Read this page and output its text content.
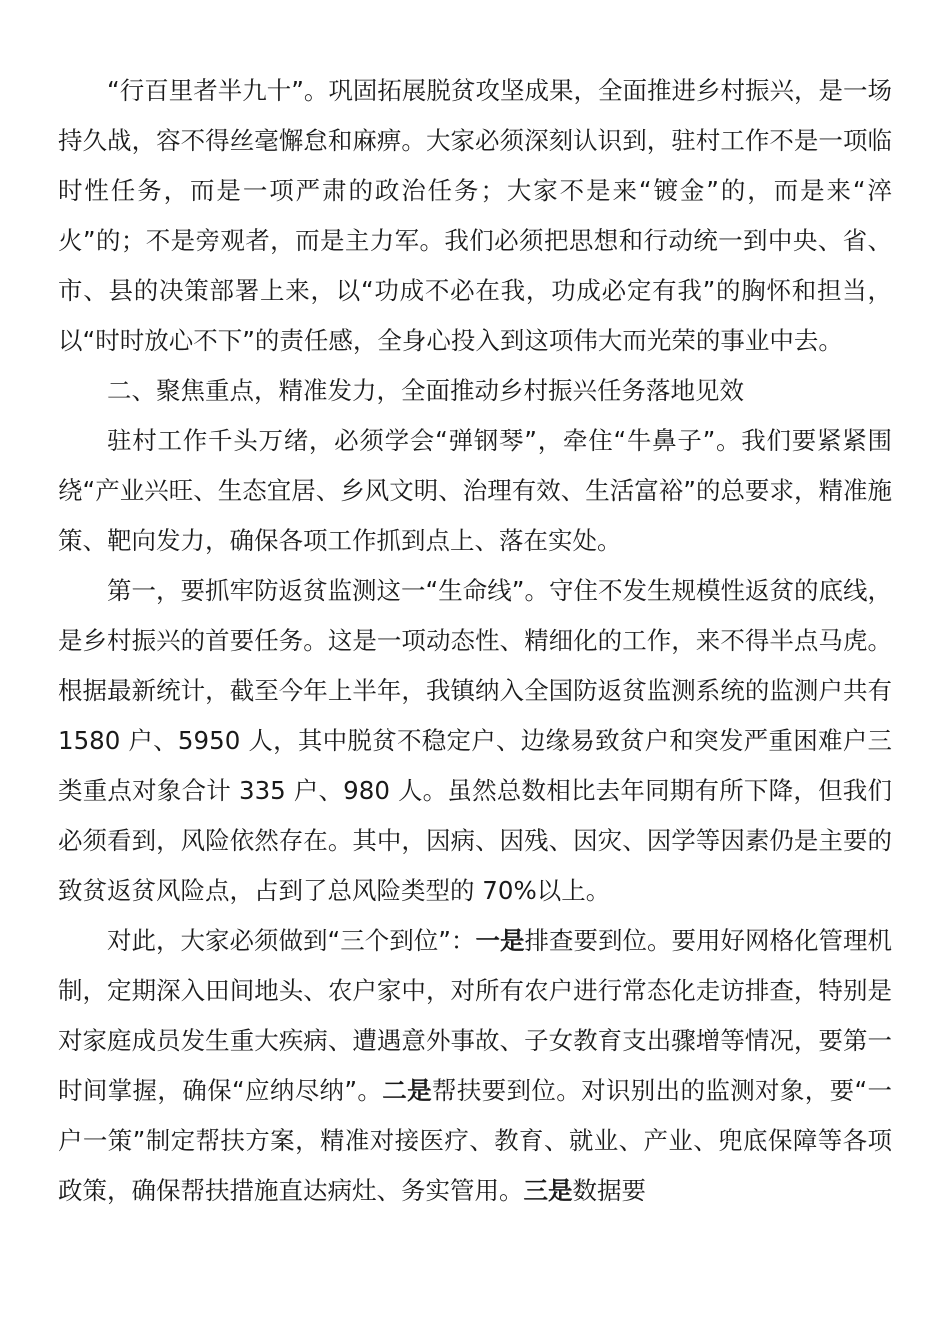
“行百里者半九十”。巩固拓展脱贫攻坚成果，全面推进乡村振兴，是一场持久战，容不得丝毫懈怠和麻痹。大家必须深刻认识到，驻村工作不是一项临时性任务，而是一项严肃的政治任务；大家不是来“镀金”的，而是来“淬火”的；不是旁观者，而是主力军。我们必须把思想和行动统一到中央、省、市、县的决策部署上来，以“功成不必在我，功成必定有我”的胸怀和担当，以“时时放心不下”的责任感，全身心投入到这项伟大而光荣的事业中去。

二、聚焦重点，精准发力，全面推动乡村振兴任务落地见效

驻村工作千头万绪，必须学会“弹钢琴”，牵住“牛鼻子”。我们要紧紧围绕“产业兴旺、生态宜居、乡风文明、治理有效、生活富裕”的总要求，精准施策、靶向发力，确保各项工作抓到点上、落在实处。

第一，要抓牢防返贫监测这一“生命线”。守住不发生规模性返贫的底线，是乡村振兴的首要任务。这是一项动态性、精细化的工作，来不得半点马虎。根据最新统计，截至今年上半年，我镇纳入全国防返贫监测系统的监测户共有 1580 户、5950 人，其中脱贫不稳定户、边缘易致贫户和突发严重困难户三类重点对象合计 335 户、980 人。虽然总数相比去年同期有所下降，但我们必须看到，风险依然存在。其中，因病、因残、因灾、因学等因素仍是主要的致贫返贫风险点，占到了总风险类型的 70%以上。

对此，大家必须做到“三个到位”：一是排查要到位。要用好网格化管理机制，定期深入田间地头、农户家中，对所有农户进行常态化走访排查，特别是对家庭成员发生重大疾病、遭遇意外事故、子女教育支出骤增等情况，要第一时间掌握，确保“应纳尽纳”。二是帮扶要到位。对识别出的监测对象，要“一户一策”制定帮扶方案，精准对接医疗、教育、就业、产业、兜底保障等各项政策，确保帮扶措施直达病灶、务实管用。三是数据要
